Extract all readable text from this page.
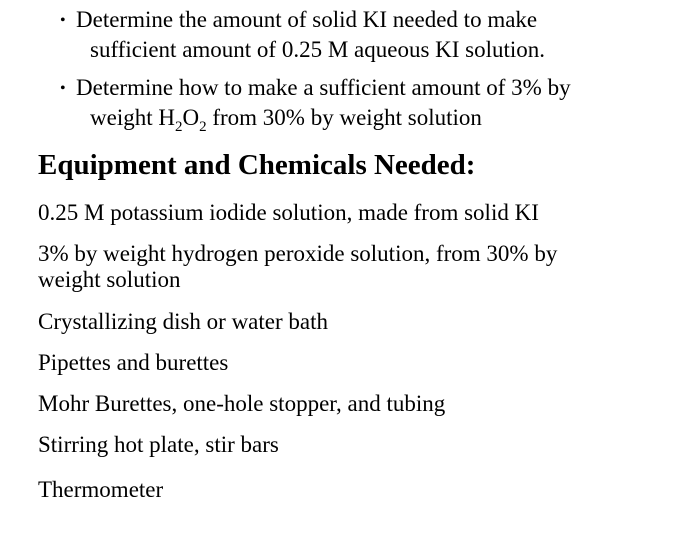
• Determine the amount of solid KI needed to make
sufficient amount of 0.25 M aqueous KI solution.
• Determine how to make a sufficient amount of 3% by
weight $H_2O_2$ from 30% by weight solution
Equipment and Chemicals Needed:

0.25 M potassium iodide solution, made from solid KI

3% by weight hydrogen peroxide solution, from 30% by
weight solution

Crystallizing dish or water bath

Pipettes and burettes

Mohr Burettes, one-hole stopper, and tubing

Stirring hot plate, stir bars

Thermometer
